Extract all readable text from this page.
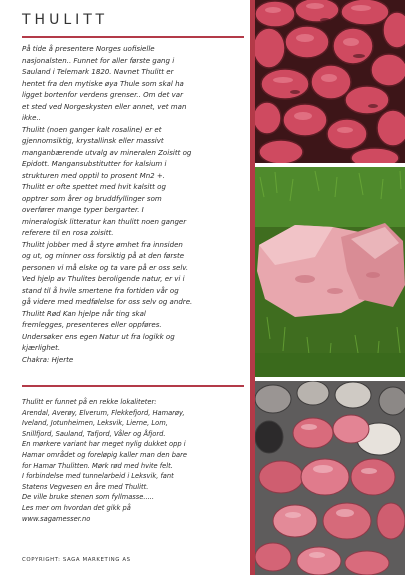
THULITT

På tide å presentere Norges uofisielle
nasjonalsten.. Funnet for aller første gang i
Sauland i Telemark 1820. Navnet Thulitt er
hentet fra den mytiske øya Thule som skal ha
ligget bortenfor verdens grenser.. Om det var
et sted ved Norgeskysten eller annet, vet man
ikke..
Thulitt (noen ganger kalt rosaline) er et
gjennomsiktig, krystallinsk eller massivt
manganbærende utvalg av mineralen Zoisitt og
Epidott. Mangansubstitutter for kalsium i
strukturen med opptil to prosent Mn2 +.
Thulitt er ofte spettet med hvit kalsitt og
opptrer som årer og bruddfyllinger som
overfører mange typer bergarter. I
mineralogisk litteratur kan thulitt noen ganger
referere til en rosa zoisitt.
Thulitt jobber med å styre ømhet fra innsiden
og ut, og minner oss forsiktig på at den første
personen vi må elske og ta vare på er oss selv.
Ved hjelp av Thulites beroligende natur, er vi i
stand til å hvile smertene fra fortiden vår og
gå videre med medfølelse for oss selv og andre.
Thulitt Rød Kan hjelpe når ting skal
fremlegges, presenteres eller oppføres.
Undersøker ens egen Natur ut fra logikk og
kjærlighet.
Chakra: Hjerte

Thulitt er funnet på en rekke lokaliteter:
Arendal, Averøy, Elverum, Flekkefjord, Hamarøy,
Iveland, Jotunheimen, Leksvik, Lierne, Lom,
Snillfjord, Sauland, Tafjord, Våler og Åfjord.
En mørkere variant har meget nylig dukket opp i
Hamar området og foreløpig kaller man den bare
for Hamar Thulitten. Mørk rød med hvite felt.
I forbindelse med tunnelarbeid i Leksvik, fant
Statens Vegvesen en åre med Thulitt.
De ville bruke stenen som fyllmasse.....
Les mer om hvordan det gikk på
www.sagamesser.no

COPYRIGHT: SAGA MARKETING AS
